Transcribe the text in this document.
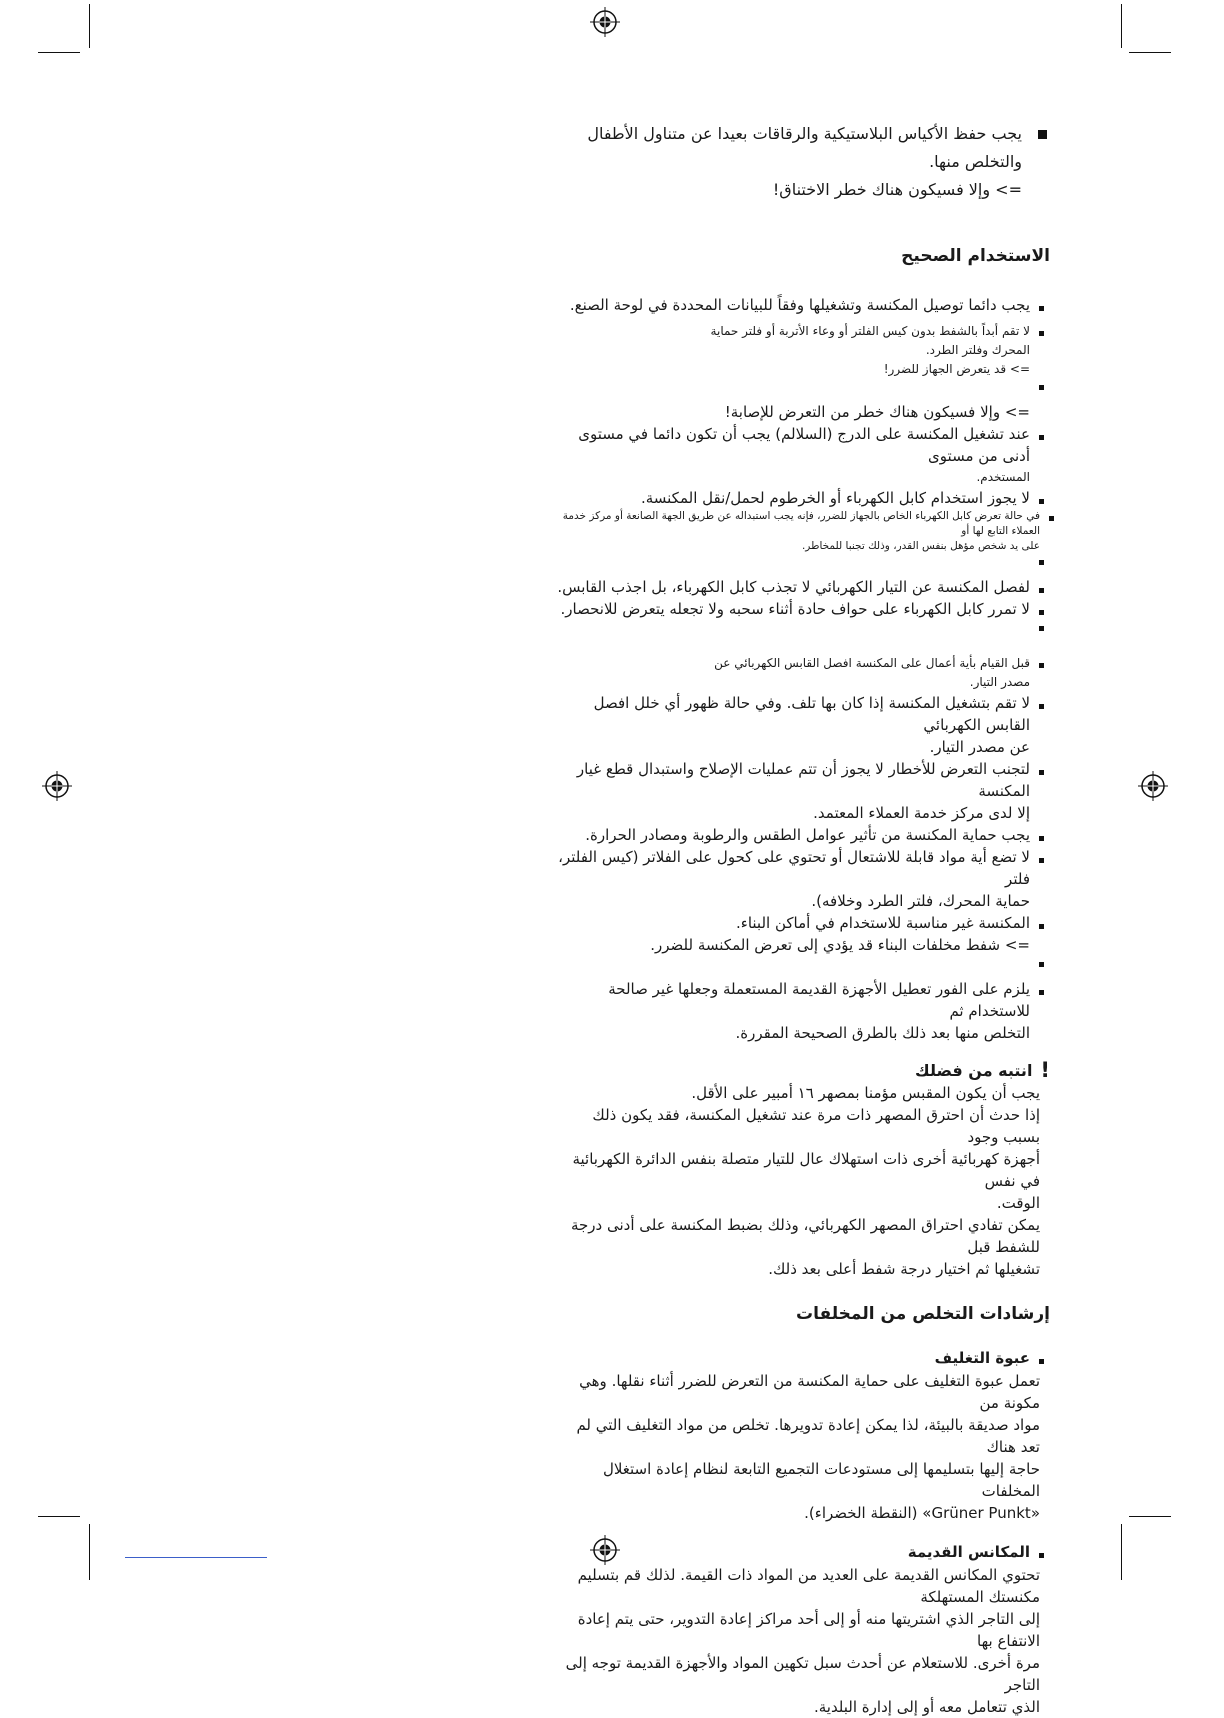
يجب حفظ الأكياس البلاستيكية والرقاقات بعيدا عن متناول الأطفال
والتخلص منها.
=> وإلا فسيكون هناك خطر الاختناق!
الاستخدام الصحيح
يجب دائما توصيل المكنسة وتشغيلها وفقاً للبيانات المحددة في لوحة الصنع.
لا تقم أبداً بالشفط بدون كيس الفلتر أو وعاء الأتربة أو فلتر حماية
المحرك وفلتر الطرد.
=> قد يتعرض الجهاز للضرر!
=> وإلا فسيكون هناك خطر من التعرض للإصابة!
عند تشغيل المكنسة على الدرج (السلالم) يجب أن تكون دائما في مستوى أدنى من مستوى
المستخدم.
لا يجوز استخدام كابل الكهرباء أو الخرطوم لحمل/نقل المكنسة.
في حالة تعرض كابل الكهرباء الخاص بالجهاز للضرر، فإنه يجب استبداله عن طريق الجهة الصانعة أو مركز خدمة العملاء التابع لها أو
على يد شخص مؤهل بنفس القدر، وذلك تجنبا للمخاطر.
لفصل المكنسة عن التيار الكهربائي لا تجذب كابل الكهرباء، بل اجذب القابس.
لا تمرر كابل الكهرباء على حواف حادة أثناء سحبه ولا تجعله يتعرض للانحصار.
قبل القيام بأية أعمال على المكنسة افصل القابس الكهربائي عن
مصدر التيار.
لا تقم بتشغيل المكنسة إذا كان بها تلف. وفي حالة ظهور أي خلل افصل القابس الكهربائي
عن مصدر التيار.
لتجنب التعرض للأخطار لا يجوز أن تتم عمليات الإصلاح واستبدال قطع غيار المكنسة
إلا لدى مركز خدمة العملاء المعتمد.
يجب حماية المكنسة من تأثير عوامل الطقس والرطوبة ومصادر الحرارة.
لا تضع أية مواد قابلة للاشتعال أو تحتوي على كحول على الفلاتر (كيس الفلتر، فلتر
حماية المحرك، فلتر الطرد وخلافه).
المكنسة غير مناسبة للاستخدام في أماكن البناء.
=> شفط مخلفات البناء قد يؤدي إلى تعرض المكنسة للضرر.
يلزم على الفور تعطيل الأجهزة القديمة المستعملة وجعلها غير صالحة للاستخدام ثم
التخلص منها بعد ذلك بالطرق الصحيحة المقررة.
!
انتبه من فضلك
يجب أن يكون المقبس مؤمنا بمصهر ١٦ أمبير على الأقل.
إذا حدث أن احترق المصهر ذات مرة عند تشغيل المكنسة، فقد يكون ذلك بسبب وجود
أجهزة كهربائية أخرى ذات استهلاك عال للتيار متصلة بنفس الدائرة الكهربائية في نفس
الوقت.
يمكن تفادي احتراق المصهر الكهربائي، وذلك بضبط المكنسة على أدنى درجة للشفط قبل
تشغيلها ثم اختيار درجة شفط أعلى بعد ذلك.
إرشادات التخلص من المخلفات
عبوة التغليف
تعمل عبوة التغليف على حماية المكنسة من التعرض للضرر أثناء نقلها. وهي مكونة من
مواد صديقة بالبيئة، لذا يمكن إعادة تدويرها. تخلص من مواد التغليف التي لم تعد هناك
حاجة إليها بتسليمها إلى مستودعات التجميع التابعة لنظام إعادة استغلال المخلفات
«Grüner Punkt» (النقطة الخضراء).
المكانس القديمة
تحتوي المكانس القديمة على العديد من المواد ذات القيمة. لذلك قم بتسليم مكنستك المستهلكة
إلى التاجر الذي اشتريتها منه أو إلى أحد مراكز إعادة التدوير، حتى يتم إعادة الانتفاع بها
مرة أخرى. للاستعلام عن أحدث سبل تكهين المواد والأجهزة القديمة توجه إلى التاجر
الذي تتعامل معه أو إلى إدارة البلدية.
